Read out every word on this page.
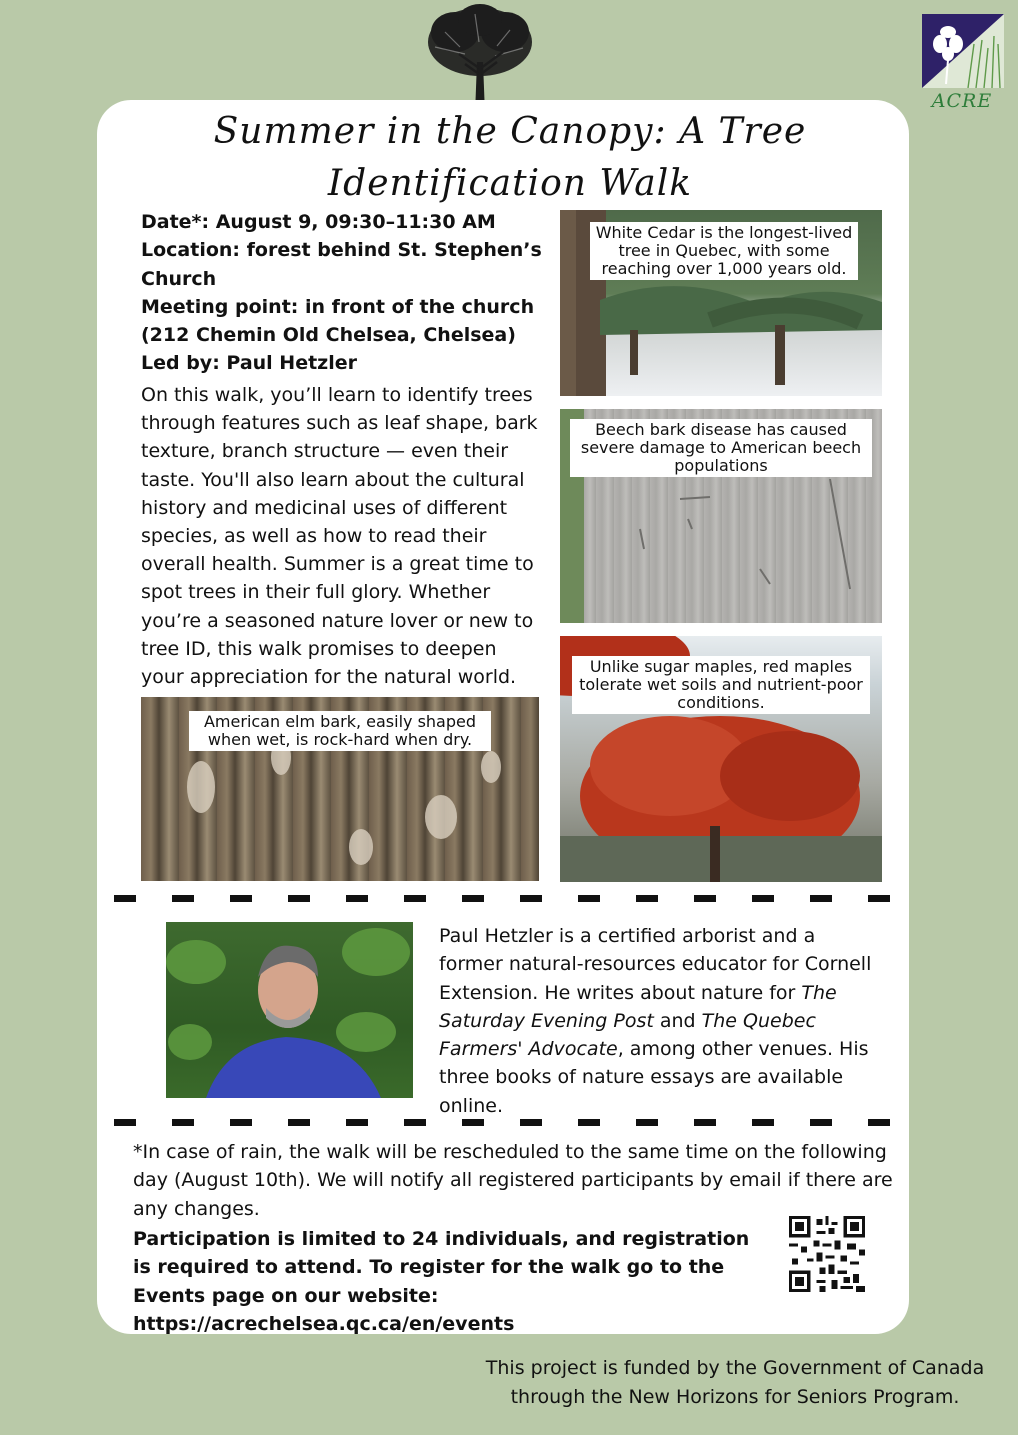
ACRE
Summer in the Canopy: A Tree
Identification Walk
Date*: August 9, 09:30–11:30 AM
Location: forest behind St. Stephen’s Church
Meeting point: in front of the church (212 Chemin Old Chelsea, Chelsea)
Led by: Paul Hetzler
On this walk, you’ll learn to identify trees through features such as leaf shape, bark texture, branch structure — even their taste. You'll also learn about the cultural history and medicinal uses of different species, as well as how to read their overall health. Summer is a great time to spot trees in their full glory. Whether you’re a seasoned nature lover or new to tree ID, this walk promises to deepen your appreciation for the natural world.
White Cedar is the longest-lived tree in Quebec, with some reaching over 1,000 years old.
Beech bark disease has caused severe damage to American beech populations
Unlike sugar maples, red maples tolerate wet soils and nutrient-poor conditions.
American elm bark, easily shaped when wet, is rock-hard when dry.
Paul Hetzler is a certified arborist and a former natural-resources educator for Cornell Extension. He writes about nature for The Saturday Evening Post and The Quebec Farmers' Advocate, among other venues. His three books of nature essays are available online.
*In case of rain, the walk will be rescheduled to the same time on the following day (August 10th). We will notify all registered participants by email if there are any changes.
Participation is limited to 24 individuals, and registration is required to attend. To register for the walk go to the Events page on our website: https://acrechelsea.qc.ca/en/events
This project is funded by the Government of Canada
through the New Horizons for Seniors Program.
